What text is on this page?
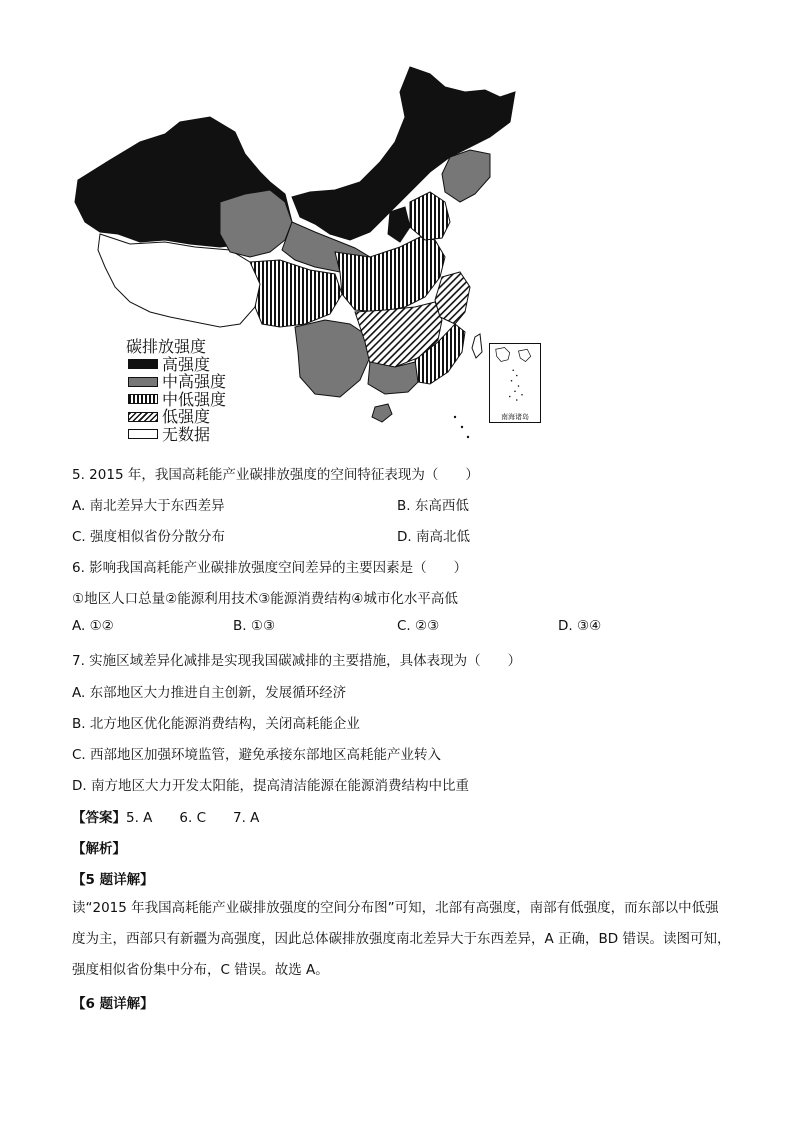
碳排放强度
高强度
中高强度
中低强度
低强度
无数据
南海诸岛
5. 2015 年，我国高耗能产业碳排放强度的空间特征表现为（　　）
A. 南北差异大于东西差异	B. 东高西低
C. 强度相似省份分散分布	D. 南高北低
6. 影响我国高耗能产业碳排放强度空间差异的主要因素是（　　）
①地区人口总量②能源利用技术③能源消费结构④城市化水平高低
A. ①②	B. ①③	C. ②③	D. ③④
7. 实施区域差异化减排是实现我国碳减排的主要措施，具体表现为（　　）
A. 东部地区大力推进自主创新，发展循环经济
B. 北方地区优化能源消费结构，关闭高耗能企业
C. 西部地区加强环境监管，避免承接东部地区高耗能产业转入
D. 南方地区大力开发太阳能，提高清洁能源在能源消费结构中比重
【答案】5. A　　6. C　　7. A
【解析】
【5 题详解】
读“2015 年我国高耗能产业碳排放强度的空间分布图”可知，北部有高强度，南部有低强度，而东部以中低强度为主，西部只有新疆为高强度，因此总体碳排放强度南北差异大于东西差异，A 正确，BD 错误。读图可知，强度相似省份集中分布，C 错误。故选 A。
【6 题详解】
